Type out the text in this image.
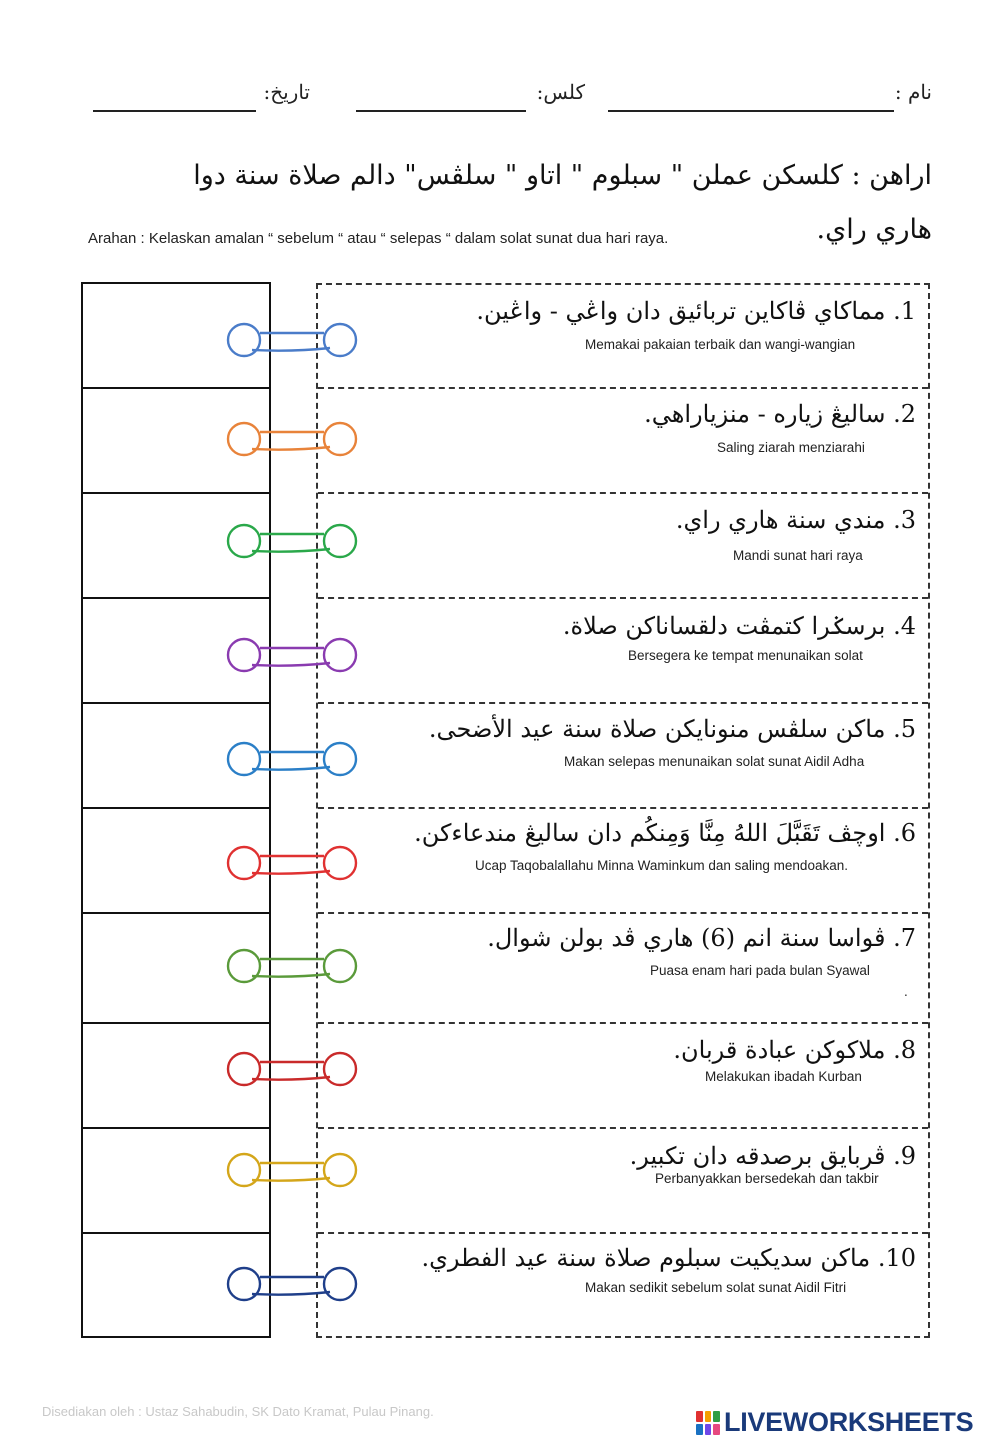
نام :
كلس:
تاريخ:
اراهن : كلسكن عملن " سبلوم " اتاو " سلڤس" دالم صلاة سنة دوا
هاري راي.
Arahan : Kelaskan amalan “ sebelum “ atau “ selepas “ dalam solat sunat dua hari raya.
1. مماكاي ڤاكاين تربائيق دان واڠي - واڠين.
Memakai pakaian terbaik dan wangi-wangian
2. ساليڠ زياره - منزياراهي.
Saling ziarah menziarahi
3. مندي سنة هاري راي.
Mandi sunat hari raya
4. برسݢرا كتمڤت دلقساناكن صلاة.
Bersegera ke tempat menunaikan solat
5. ماكن سلڤس منونايكن صلاة سنة عيد الأضحى.
Makan selepas menunaikan solat sunat Aidil Adha
6. اوچڤ تَقَبَّلَ اللهُ مِنَّا وَمِنكُم دان ساليڠ مندعاءكن.
Ucap Taqobalallahu Minna Waminkum dan saling mendoakan.
7. ڤواسا سنة انم (6) هاري ڤد بولن شوال.
Puasa enam hari pada bulan Syawal
.
8. ملاكوكن عبادة قربان.
Melakukan ibadah Kurban
9. ڤربايق برصدقه دان تكبير.
Perbanyakkan bersedekah dan takbir
10. ماكن سديكيت سبلوم صلاة سنة عيد الفطري.
Makan sedikit sebelum solat sunat Aidil Fitri
Disediakan oleh : Ustaz Sahabudin, SK Dato Kramat, Pulau Pinang.	LIVEWORKSHEETS
